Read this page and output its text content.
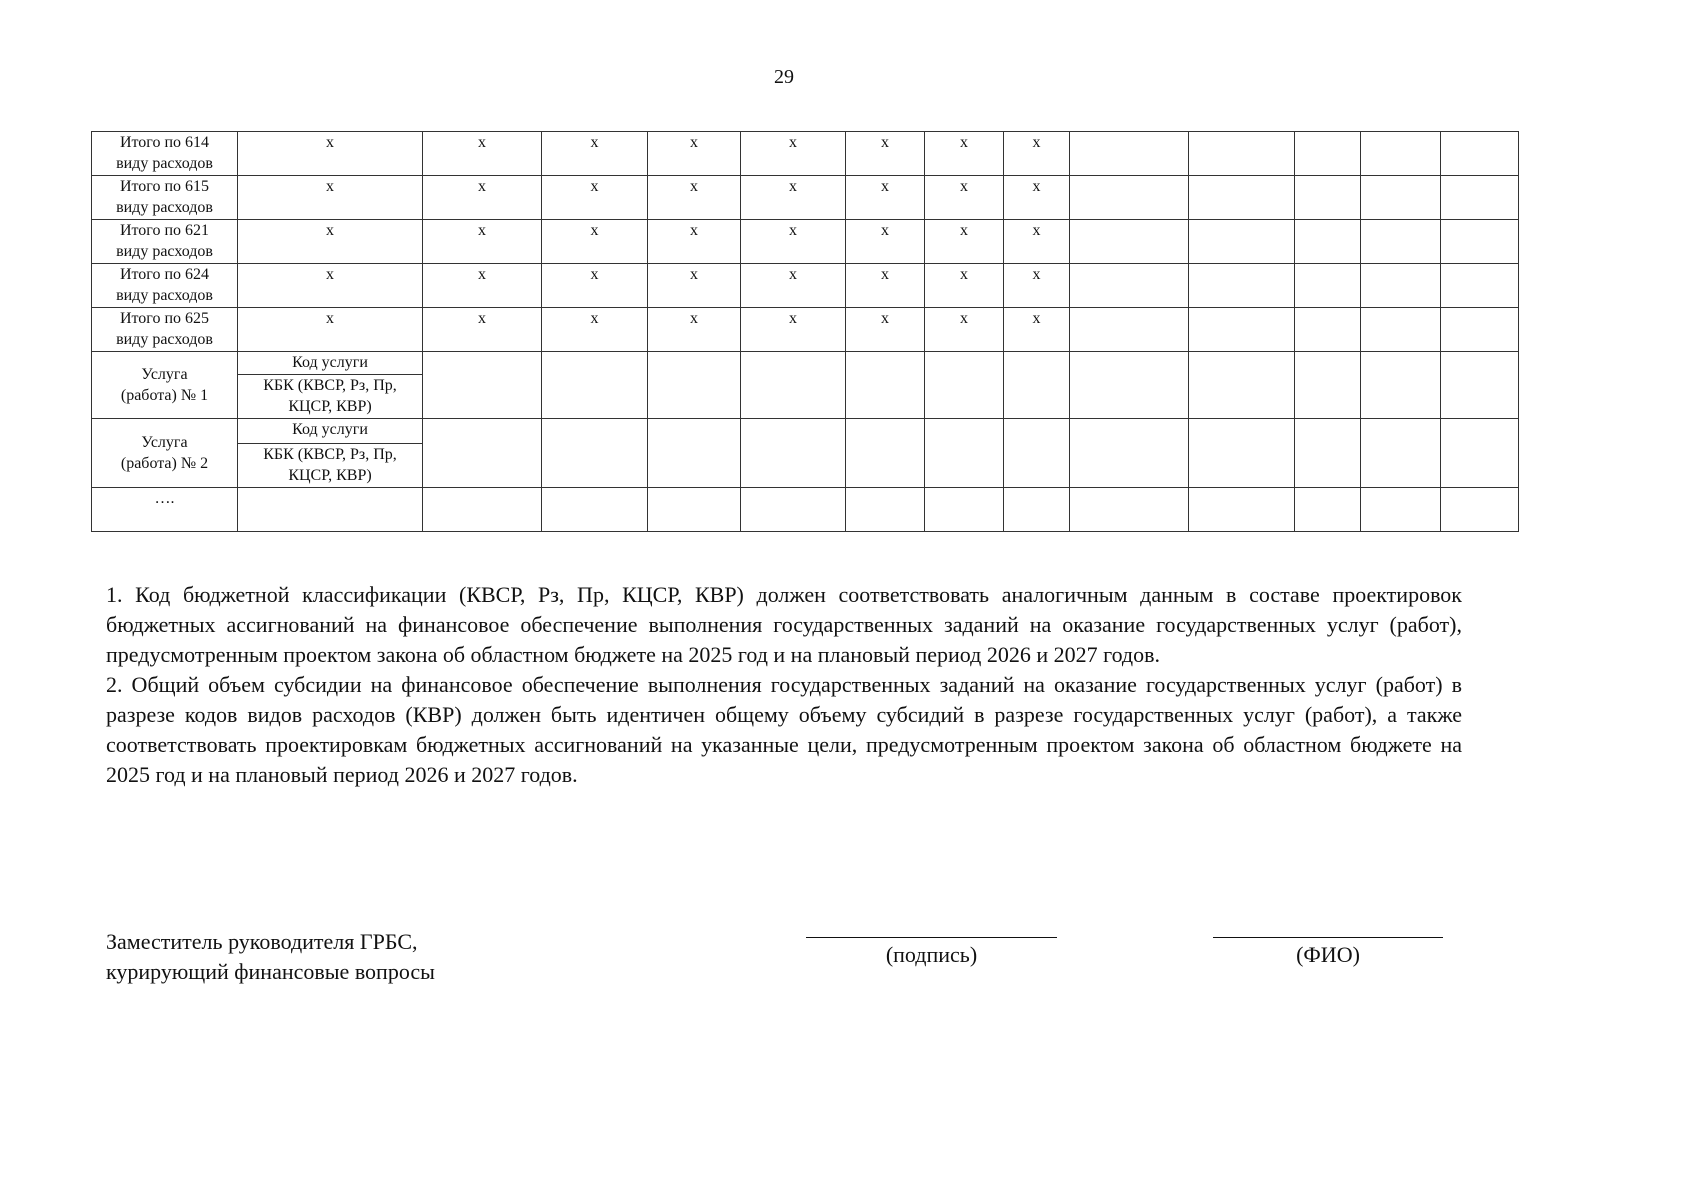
29
Итого по 614
виду расходов	х	х	х	х	х	х	х	х					
Итого по 615
виду расходов	х	х	х	х	х	х	х	х					
Итого по 621
виду расходов	х	х	х	х	х	х	х	х					
Итого по 624
виду расходов	х	х	х	х	х	х	х	х					
Итого по 625
виду расходов	х	х	х	х	х	х	х	х					
Услуга
(работа) № 1	Код услуги												
	КБК (КВСР, Рз, Пр,
КЦСР, КВР)												
Услуга
(работа) № 2	Код услуги												
	КБК (КВСР, Рз, Пр,
КЦСР, КВР)												
….													

1. Код бюджетной классификации (КВСР, Рз, Пр, КЦСР, КВР) должен соответствовать аналогичным данным в составе проектировок бюджетных ассигнований на финансовое обеспечение выполнения государственных заданий на оказание государственных услуг (работ), предусмотренным проектом закона об областном бюджете на 2025 год и на плановый период 2026 и 2027 годов.

2. Общий объем субсидии на финансовое обеспечение выполнения государственных заданий на оказание государственных услуг (работ) в разрезе кодов видов расходов (КВР) должен быть идентичен общему объему субсидий в разрезе государственных услуг (работ), а также соответствовать проектировкам бюджетных ассигнований на указанные цели, предусмотренным проектом закона об областном бюджете на 2025 год и на плановый период 2026 и 2027 годов.

Заместитель руководителя ГРБС,
курирующий финансовые вопросы
(подпись)	(ФИО)
